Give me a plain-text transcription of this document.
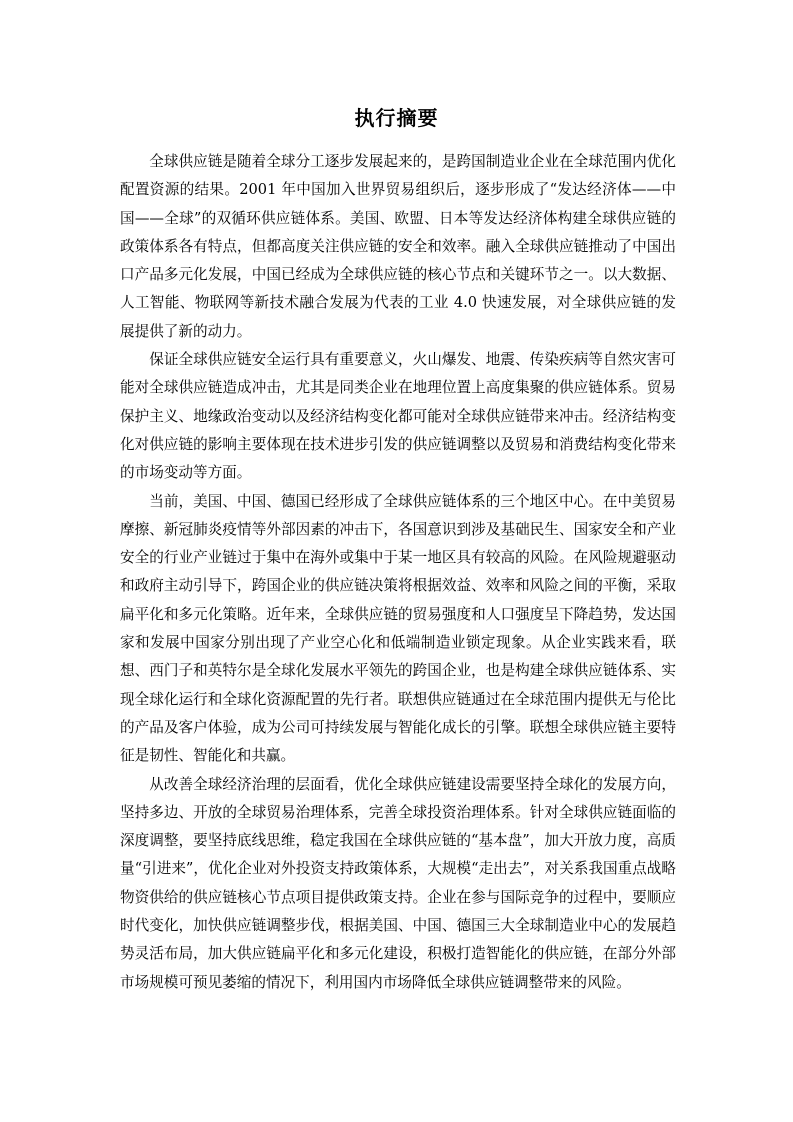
执行摘要

全球供应链是随着全球分工逐步发展起来的，是跨国制造业企业在全球范围内优化配置资源的结果。2001 年中国加入世界贸易组织后，逐步形成了“发达经济体——中国——全球”的双循环供应链体系。美国、欧盟、日本等发达经济体构建全球供应链的政策体系各有特点，但都高度关注供应链的安全和效率。融入全球供应链推动了中国出口产品多元化发展，中国已经成为全球供应链的核心节点和关键环节之一。以大数据、人工智能、物联网等新技术融合发展为代表的工业 4.0 快速发展，对全球供应链的发展提供了新的动力。

保证全球供应链安全运行具有重要意义，火山爆发、地震、传染疾病等自然灾害可能对全球供应链造成冲击，尤其是同类企业在地理位置上高度集聚的供应链体系。贸易保护主义、地缘政治变动以及经济结构变化都可能对全球供应链带来冲击。经济结构变化对供应链的影响主要体现在技术进步引发的供应链调整以及贸易和消费结构变化带来的市场变动等方面。

当前，美国、中国、德国已经形成了全球供应链体系的三个地区中心。在中美贸易摩擦、新冠肺炎疫情等外部因素的冲击下，各国意识到涉及基础民生、国家安全和产业安全的行业产业链过于集中在海外或集中于某一地区具有较高的风险。在风险规避驱动和政府主动引导下，跨国企业的供应链决策将根据效益、效率和风险之间的平衡，采取扁平化和多元化策略。近年来，全球供应链的贸易强度和人口强度呈下降趋势，发达国家和发展中国家分别出现了产业空心化和低端制造业锁定现象。从企业实践来看，联想、西门子和英特尔是全球化发展水平领先的跨国企业，也是构建全球供应链体系、实现全球化运行和全球化资源配置的先行者。联想供应链通过在全球范围内提供无与伦比的产品及客户体验，成为公司可持续发展与智能化成长的引擎。联想全球供应链主要特征是韧性、智能化和共赢。

从改善全球经济治理的层面看，优化全球供应链建设需要坚持全球化的发展方向，坚持多边、开放的全球贸易治理体系，完善全球投资治理体系。针对全球供应链面临的深度调整，要坚持底线思维，稳定我国在全球供应链的“基本盘”，加大开放力度，高质量“引进来”，优化企业对外投资支持政策体系，大规模“走出去”，对关系我国重点战略物资供给的供应链核心节点项目提供政策支持。企业在参与国际竞争的过程中，要顺应时代变化，加快供应链调整步伐，根据美国、中国、德国三大全球制造业中心的发展趋势灵活布局，加大供应链扁平化和多元化建设，积极打造智能化的供应链，在部分外部市场规模可预见萎缩的情况下，利用国内市场降低全球供应链调整带来的风险。
